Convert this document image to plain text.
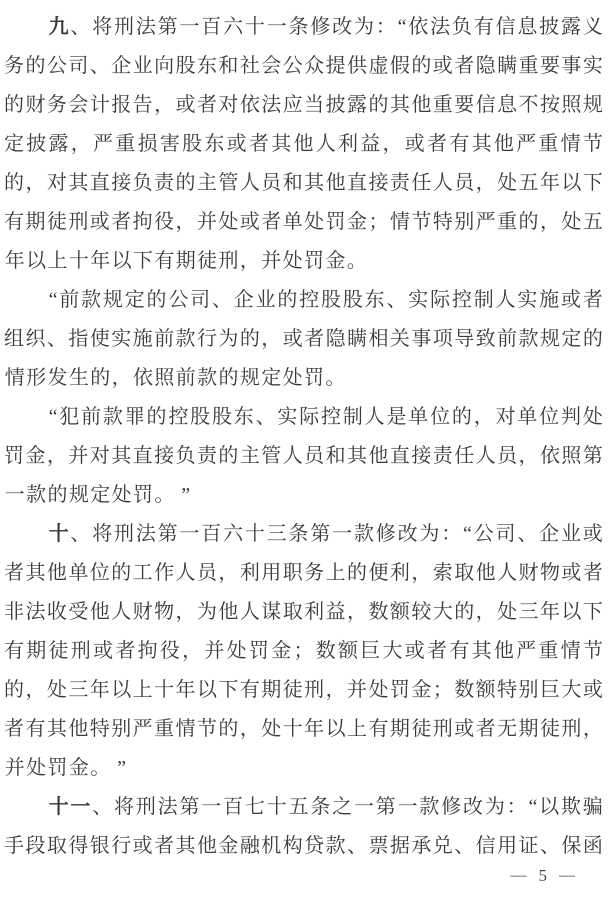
九 、 将 刑 法 第 一 百 六 十 一 条 修 改 为 ： “ 依 法 负 有 信 息 披 露 义
务 的 公 司 、 企 业 向 股 东 和 社 会 公 众 提 供 虚 假 的 或 者 隐 瞒 重 要 事 实
的 财 务 会 计 报 告 ， 或 者 对 依 法 应 当 披 露 的 其 他 重 要 信 息 不 按 照 规
定 披 露 ， 严 重 损 害 股 东 或 者 其 他 人 利 益 ， 或 者 有 其 他 严 重 情 节
的 ， 对 其 直 接 负 责 的 主 管 人 员 和 其 他 直 接 责 任 人 员 ， 处 五 年 以 下
有 期 徒 刑 或 者 拘 役 ， 并 处 或 者 单 处 罚 金 ； 情 节 特 别 严 重 的 ， 处 五
年以上十年以下有期徒刑，并处罚金。
“ 前 款 规 定 的 公 司 、 企 业 的 控 股 股 东 、 实 际 控 制 人 实 施 或 者
组 织 、 指 使 实 施 前 款 行 为 的 ， 或 者 隐 瞒 相 关 事 项 导 致 前 款 规 定 的
情形发生的，依照前款的规定处罚。
“ 犯 前 款 罪 的 控 股 股 东 、 实 际 控 制 人 是 单 位 的 ， 对 单 位 判 处
罚 金 ， 并 对 其 直 接 负 责 的 主 管 人 员 和 其 他 直 接 责 任 人 员 ， 依 照 第
一款的规定处罚。 ”
十 、 将 刑 法 第 一 百 六 十 三 条 第 一 款 修 改 为 ： “ 公 司 、 企 业 或
者 其 他 单 位 的 工 作 人 员 ， 利 用 职 务 上 的 便 利 ， 索 取 他 人 财 物 或 者
非 法 收 受 他 人 财 物 ， 为 他 人 谋 取 利 益 ， 数 额 较 大 的 ， 处 三 年 以 下
有 期 徒 刑 或 者 拘 役 ， 并 处 罚 金 ； 数 额 巨 大 或 者 有 其 他 严 重 情 节
的 ， 处 三 年 以 上 十 年 以 下 有 期 徒 刑 ， 并 处 罚 金 ； 数 额 特 别 巨 大 或
者 有 其 他 特 别 严 重 情 节 的 ， 处 十 年 以 上 有 期 徒 刑 或 者 无 期 徒 刑 ，
并处罚金。 ”
十 一 、 将 刑 法 第 一 百 七 十 五 条 之 一 第 一 款 修 改 为 ： “ 以 欺 骗
手 段 取 得 银 行 或 者 其 他 金 融 机 构 贷 款 、 票 据 承 兑 、 信 用 证 、 保 函
— 5 —
